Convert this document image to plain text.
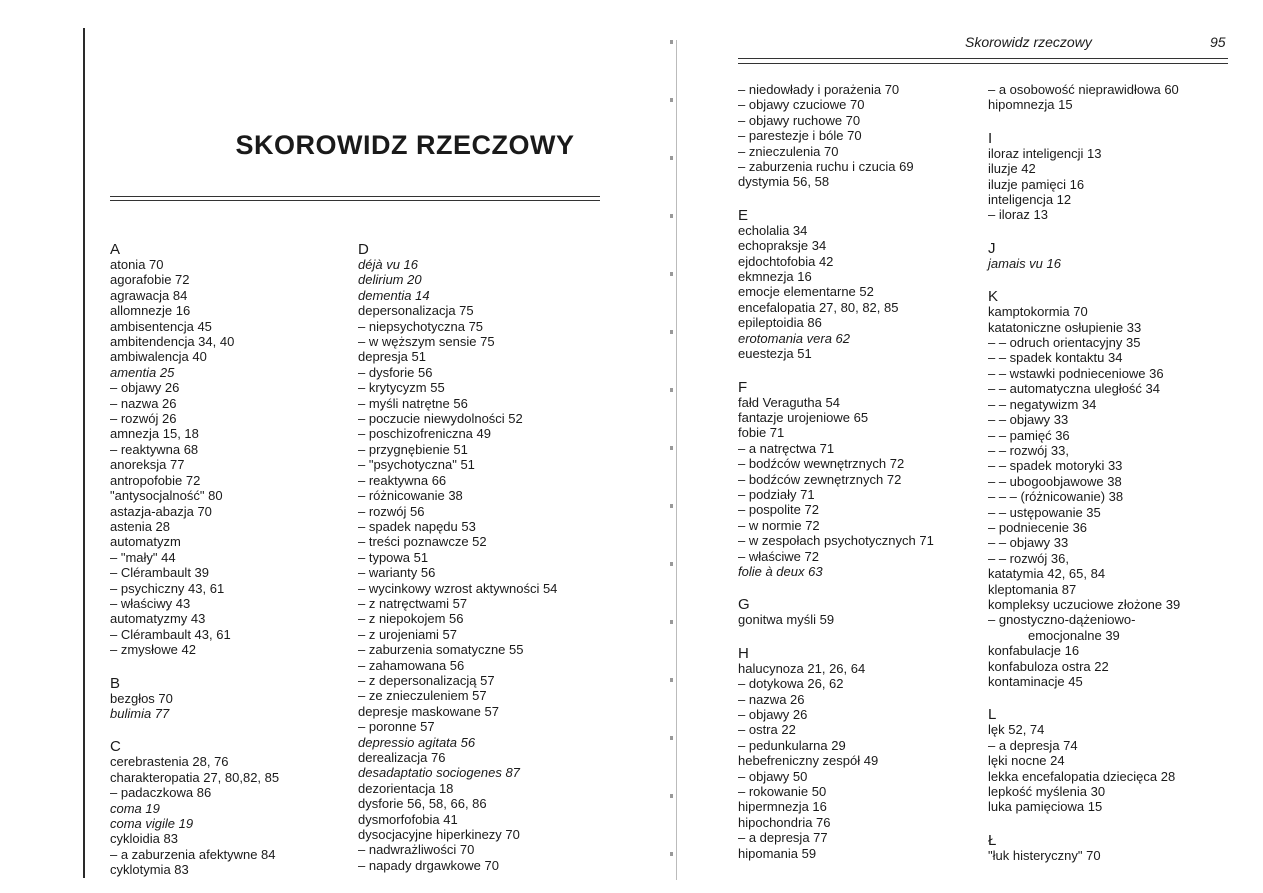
SKOROWIDZ RZECZOWY
A
atonia 70
agorafobie 72
agrawacja 84
allomnezje 16
ambisentencja 45
ambitendencja 34, 40
ambiwalencja 40
amentia 25
– objawy 26
– nazwa 26
– rozwój 26
amnezja 15, 18
– reaktywna 68
anoreksja 77
antropofobie 72
"antysocjalność" 80
astazja-abazja 70
astenia 28
automatyzm
– "mały" 44
– Clérambault 39
– psychiczny 43, 61
– właściwy 43
automatyzmy 43
– Clérambault 43, 61
– zmysłowe 42
B
bezgłos 70
bulimia 77
C
cerebrastenia 28, 76
charakteropatia 27, 80,82, 85
– padaczkowa 86
coma 19
coma vigile 19
cykloidia 83
– a zaburzenia afektywne 84
cyklotymia 83
D
déjà vu 16
delirium 20
dementia 14
depersonalizacja 75
– niepsychotyczna 75
– w węższym sensie 75
depresja 51
– dysforie 56
– krytycyzm 55
– myśli natrętne 56
– poczucie niewydolności 52
– poschizofreniczna 49
– przygnębienie 51
– "psychotyczna" 51
– reaktywna 66
– różnicowanie 38
– rozwój 56
– spadek napędu 53
– treści poznawcze 52
– typowa 51
– warianty 56
– wycinkowy wzrost aktywności 54
– z natręctwami 57
– z niepokojem 56
– z urojeniami 57
– zaburzenia somatyczne 55
– zahamowana 56
– z depersonalizacją 57
– ze znieczuleniem 57
depresje maskowane 57
– poronne 57
depressio agitata 56
derealizacja 76
desadaptatio sociogenes 87
dezorientacja 18
dysforie 56, 58, 66, 86
dysmorfofobia 41
dysocjacyjne hiperkinezy 70
– nadwrażliwości 70
– napady drgawkowe 70
Skorowidz rzeczowy	95
– niedowłady i porażenia 70
– objawy czuciowe 70
– objawy ruchowe 70
– parestezje i bóle 70
– znieczulenia 70
– zaburzenia ruchu i czucia 69
dystymia 56, 58
E
echolalia 34
echopraksje 34
ejdochtofobia 42
ekmnezja 16
emocje elementarne 52
encefalopatia 27, 80, 82, 85
epileptoidia 86
erotomania vera 62
euestezja 51
F
fałd Veragutha 54
fantazje urojeniowe 65
fobie 71
– a natręctwa 71
– bodźców wewnętrznych 72
– bodźców zewnętrznych 72
– podziały 71
– pospolite 72
– w normie 72
– w zespołach psychotycznych 71
– właściwe 72
folie à deux 63
G
gonitwa myśli 59
H
halucynoza 21, 26, 64
– dotykowa 26, 62
– nazwa 26
– objawy 26
– ostra 22
– pedunkularna 29
hebefreniczny zespół 49
– objawy 50
– rokowanie 50
hipermnezja 16
hipochondria 76
– a depresja 77
hipomania 59
– a osobowość nieprawidłowa 60
hipomnezja 15
I
iloraz inteligencji 13
iluzje 42
iluzje pamięci 16
inteligencja 12
– iloraz 13
J
jamais vu 16
K
kamptokormia 70
katatoniczne osłupienie 33
– – odruch orientacyjny 35
– – spadek kontaktu 34
– – wstawki podnieceniowe 36
– – automatyczna uległość 34
– – negatywizm 34
– – objawy 33
– – pamięć 36
– – rozwój 33,
– – spadek motoryki 33
– – ubogoobjawowe 38
– – – (różnicowanie) 38
– – ustępowanie 35
– podniecenie 36
– – objawy 33
– – rozwój 36,
katatymia 42, 65, 84
kleptomania 87
kompleksy uczuciowe złożone 39
– gnostyczno-dążeniowo-
emocjonalne 39
konfabulacje 16
konfabuloza ostra 22
kontaminacje 45
L
lęk 52, 74
– a depresja 74
lęki nocne 24
lekka encefalopatia dziecięca 28
lepkość myślenia 30
luka pamięciowa 15
Ł
"łuk histeryczny" 70
